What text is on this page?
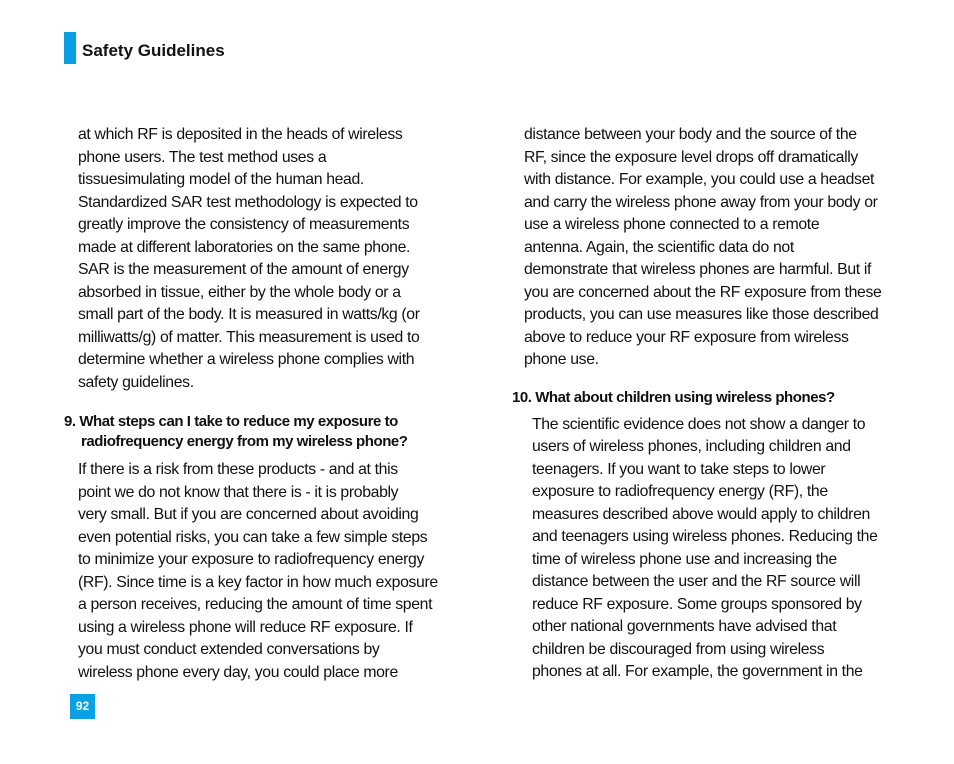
Safety Guidelines

at which RF is deposited in the heads of wireless
phone users. The test method uses a
tissuesimulating model of the human head.
Standardized SAR test methodology is expected to
greatly improve the consistency of measurements
made at different laboratories on the same phone.
SAR is the measurement of the amount of energy
absorbed in tissue, either by the whole body or a
small part of the body. It is measured in watts/kg (or
milliwatts/g) of matter. This measurement is used to
determine whether a wireless phone complies with
safety guidelines.

9. What steps can I take to reduce my exposure to
radiofrequency energy from my wireless phone?

If there is a risk from these products - and at this
point we do not know that there is - it is probably
very small. But if you are concerned about avoiding
even potential risks, you can take a few simple steps
to minimize your exposure to radiofrequency energy
(RF). Since time is a key factor in how much exposure
a person receives, reducing the amount of time spent
using a wireless phone will reduce RF exposure. If
you must conduct extended conversations by
wireless phone every day, you could place more

distance between your body and the source of the
RF, since the exposure level drops off dramatically
with distance. For example, you could use a headset
and carry the wireless phone away from your body or
use a wireless phone connected to a remote
antenna. Again, the scientific data do not
demonstrate that wireless phones are harmful. But if
you are concerned about the RF exposure from these
products, you can use measures like those described
above to reduce your RF exposure from wireless
phone use.

10. What about children using wireless phones?

The scientific evidence does not show a danger to
users of wireless phones, including children and
teenagers. If you want to take steps to lower
exposure to radiofrequency energy (RF), the
measures described above would apply to children
and teenagers using wireless phones. Reducing the
time of wireless phone use and increasing the
distance between the user and the RF source will
reduce RF exposure. Some groups sponsored by
other national governments have advised that
children be discouraged from using wireless
phones at all. For example, the government in the

92
